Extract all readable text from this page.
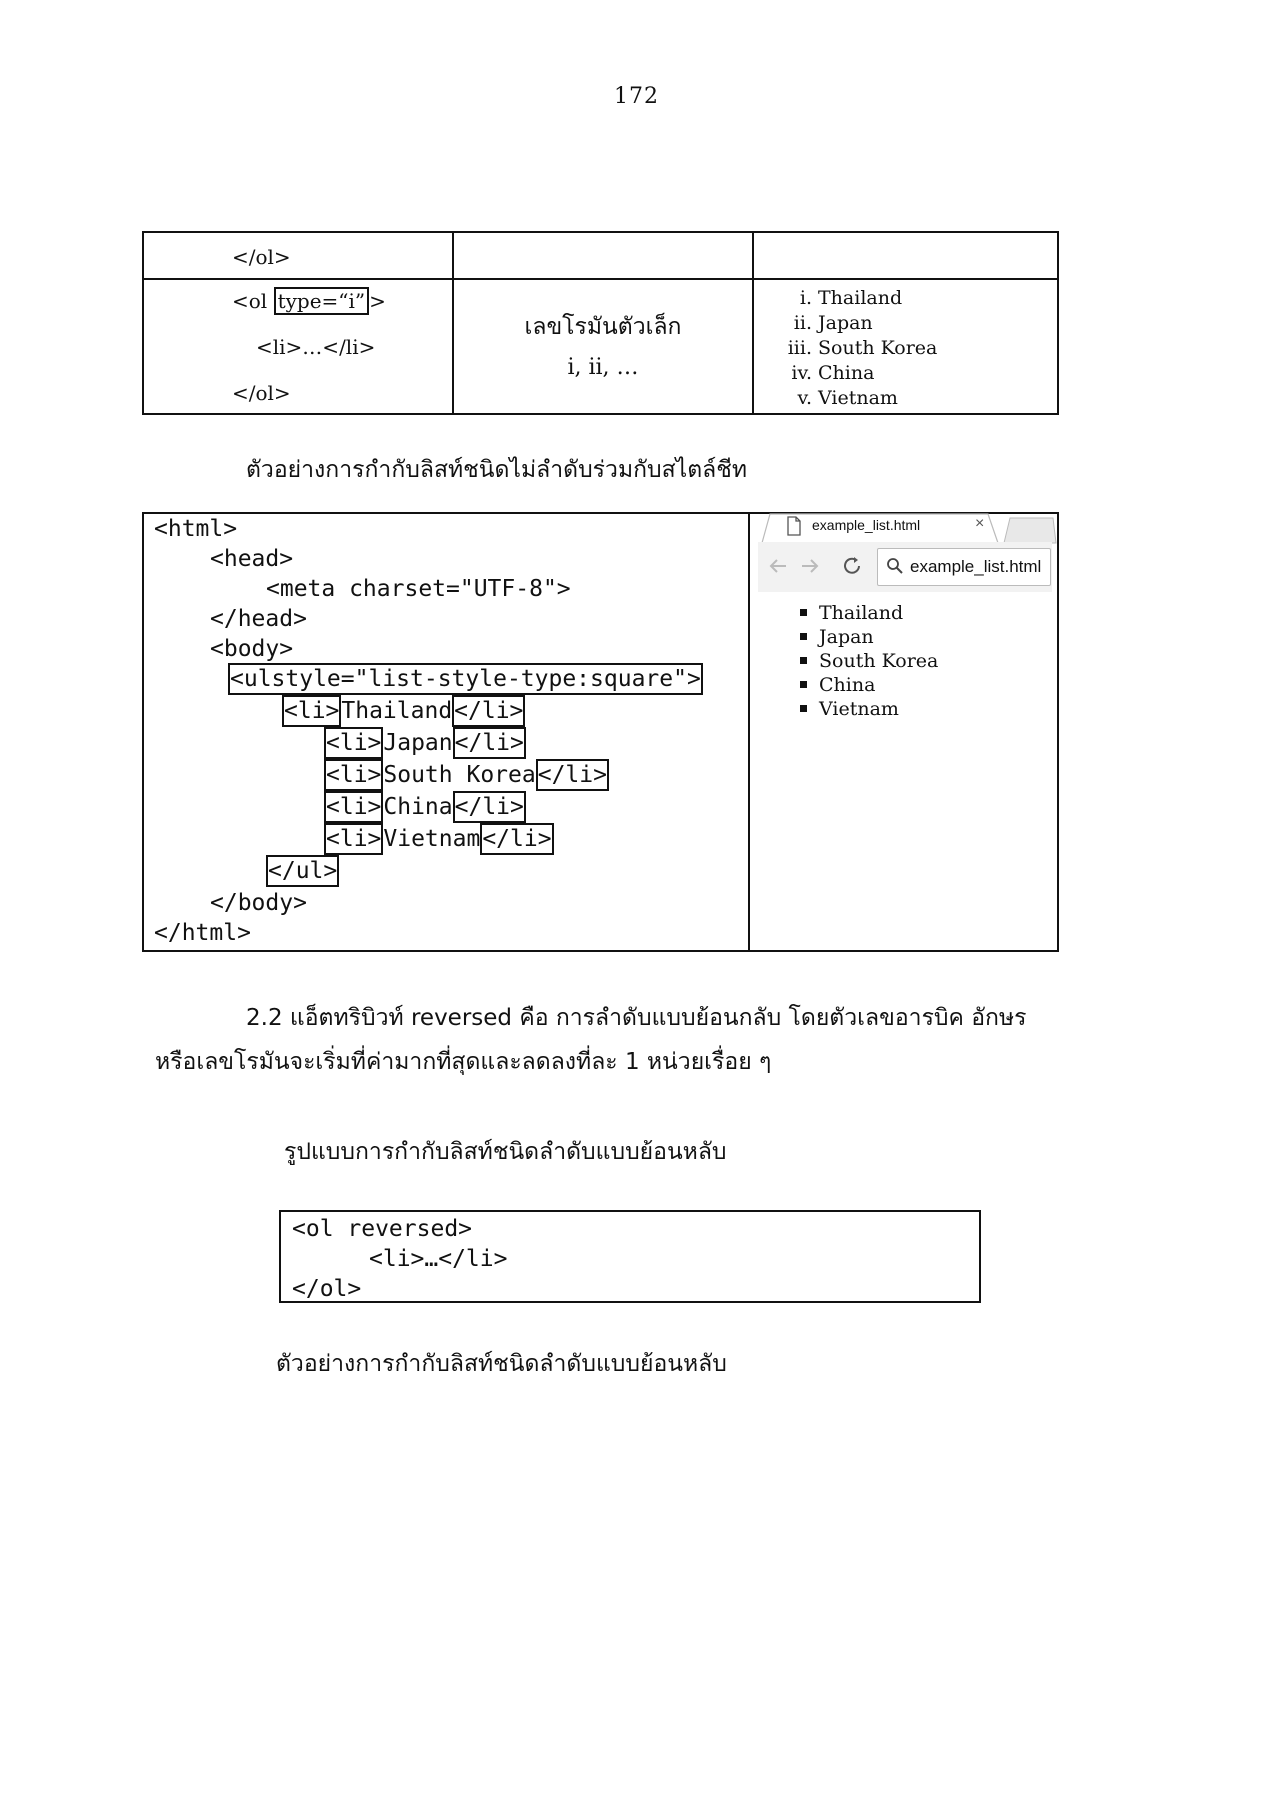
172
</ol>
<ol type=“i” >
<li>…</li>
</ol>
เลขโรมันตัวเล็ก
i, ii, …
i. Thailand
ii. Japan
iii. South Korea
iv. China
v. Vietnam
ตัวอย่างการกำกับลิสท์ชนิดไม่ลำดับร่วมกับสไตล์ชีท
<html>
<head>
<meta charset="UTF-8">
</head>
<body>
<ulstyle="list-style-type:square">
<li>Thailand</li>
<li>Japan</li>
<li>South Korea</li>
<li>China</li>
<li>Vietnam</li>
</ul>
</body>
</html>
example_list.html	×
example_list.html
Thailand
Japan
South Korea
China
Vietnam
2.2 แอ็ตทริบิวท์ reversed คือ การลำดับแบบย้อนกลับ โดยตัวเลขอารบิค อักษร
หรือเลขโรมันจะเริ่มที่ค่ามากที่สุดและลดลงที่ละ 1 หน่วยเรื่อย ๆ
รูปแบบการกำกับลิสท์ชนิดลำดับแบบย้อนหลับ
<ol reversed>
<li>…</li>
</ol>
ตัวอย่างการกำกับลิสท์ชนิดลำดับแบบย้อนหลับ
